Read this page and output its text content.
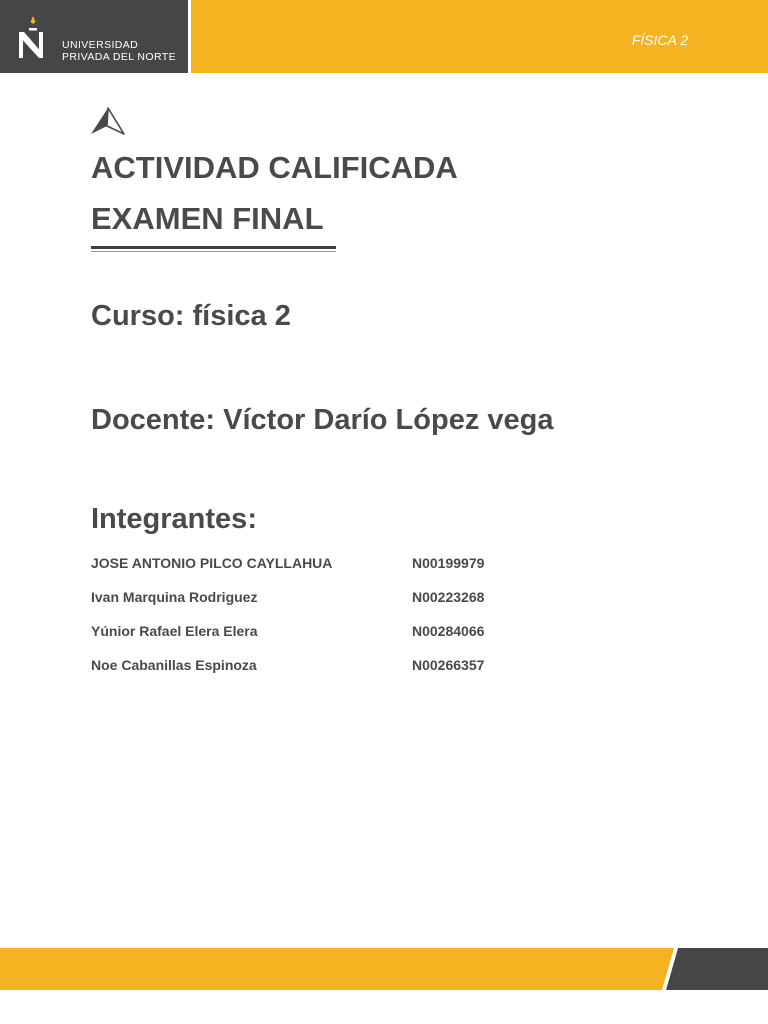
UNIVERSIDAD
PRIVADA DEL NORTE
FÍSICA 2
ACTIVIDAD CALIFICADA
EXAMEN FINAL
Curso: física 2
Docente: Víctor Darío López vega
Integrantes:
JOSE ANTONIO PILCO CAYLLAHUA	N00199979
Ivan Marquina Rodriguez	N00223268
Yúnior Rafael Elera Elera	N00284066
Noe Cabanillas Espinoza	N00266357
